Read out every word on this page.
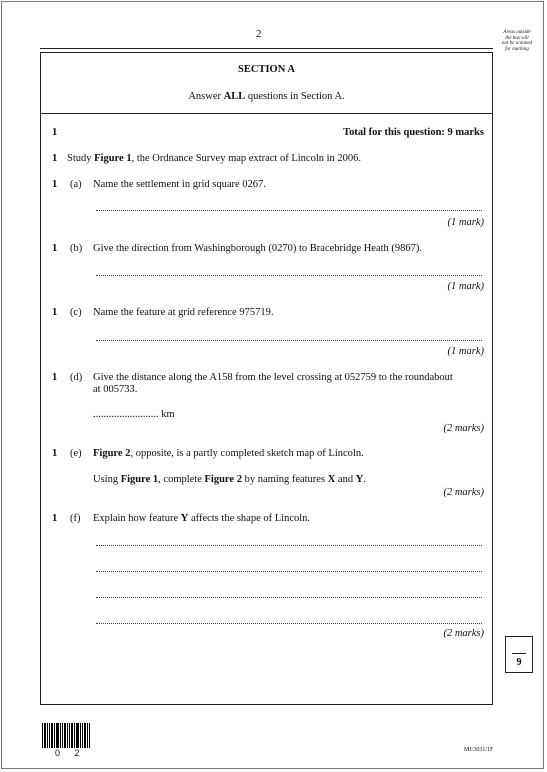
2	Areas outside
the box will
not be scanned
for marking
SECTION A
Answer ALL questions in Section A.
1	Total for this question: 9 marks
1 Study Figure 1, the Ordnance Survey map extract of Lincoln in 2006.
1 (a) Name the settlement in grid square 0267.
(1 mark)
1 (b) Give the direction from Washingborough (0270) to Bracebridge Heath (9867).
(1 mark)
1 (c) Name the feature at grid reference 975719.
(1 mark)
1 (d) Give the distance along the A158 from the level crossing at 052759 to the roundabout
at 005733.
......................... km
(2 marks)
1 (e) Figure 2, opposite, is a partly completed sketch map of Lincoln.
Using Figure 1, complete Figure 2 by naming features X and Y.
(2 marks)
1 (f) Explain how feature Y affects the shape of Lincoln.
(2 marks)
9
0 2	MJ/3031/1F
